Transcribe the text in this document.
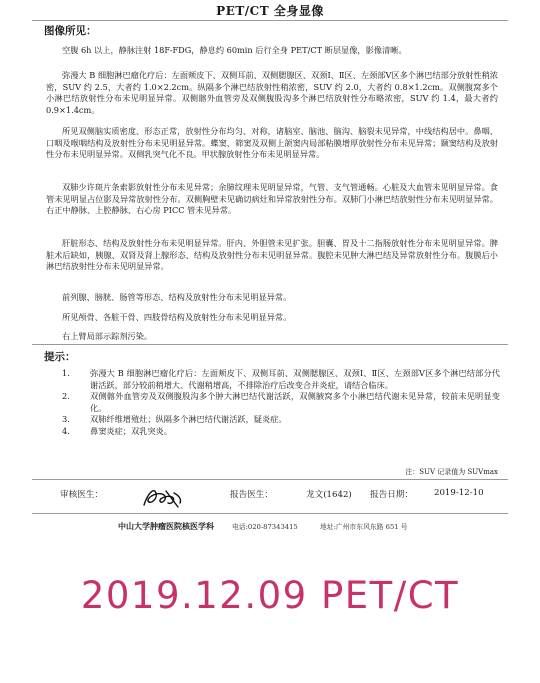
PET/CT 全身显像
图像所见：

空腹 6h 以上，静脉注射 18F-FDG，静息约 60min 后行全身 PET/CT 断层显像，影像清晰。

弥漫大 B 细胞淋巴瘤化疗后：左面颊皮下、双侧耳前、双侧腮腺区、双颈Ⅰ、Ⅱ区、左颈部Ⅴ区多个淋巴结部分放射性稍浓密，SUV 约 2.5，大者约 1.0×2.2cm。纵隔多个淋巴结放射性稍浓密，SUV 约 2.0，大者约 0.8×1.2cm。双侧腹窝多个小淋巴结放射性分布未见明显异常。双侧髂外血管旁及双侧腹股沟多个淋巴结放射性分布略浓密，SUV 约 1.4，最大者约 0.9×1.4cm。

所见双侧脑实质密度、形态正常，放射性分布均匀、对称，诸脑室、脑池、脑沟、脑裂未见异常，中线结构居中。鼻咽、口咽及喉咽结构及放射性分布未见明显异常。蝶窦、筛窦及双侧上颌窦内局部粘膜增厚放射性分布未见异常；颞窦结构及放射性分布未见明显异常。双侧乳突气化不良。甲状腺放射性分布未见明显异常。

双肺少许斑片条索影放射性分布未见异常；余肺纹理未见明显异常，气管、支气管通畅。心脏及大血管未见明显异常。食管未见明显占位影及异常放射性分布。双侧胸壁未见确切病灶和异常放射性分布。双肺门小淋巴结放射性分布未见明显异常。右正中静脉、上腔静脉、右心房 PICC 管未见异常。

肝脏形态、结构及放射性分布未见明显异常。肝内、外胆管未见扩张。胆囊、胃及十二指肠放射性分布未见明显异常。脾脏术后缺如，胰腺、双肾及肾上腺形态、结构及放射性分布未见明显异常。腹腔未见肿大淋巴结及异常放射性分布。腹膜后小淋巴结放射性分布未见明显异常。

前列腺、膀胱、肠管等形态、结构及放射性分布未见明显异常。

所见颅骨、各脏干骨、四肢骨结构及放射性分布未见明显异常。

右上臂局部示踪剂污染。

提示：
1. 弥漫大 B 细胞淋巴瘤化疗后：左面颊皮下、双侧耳前、双侧腮腺区、双颈Ⅰ、Ⅱ区、左颈部Ⅴ区多个淋巴结部分代谢活跃，部分较前稍增大、代谢稍增高，不排除治疗后改变合并炎症，请结合临床。
2. 双侧髂外血管旁及双侧腹股沟多个肿大淋巴结代谢活跃，双侧腋窝多个小淋巴结代谢未见异常，较前未见明显变化。
3. 双肺纤维增殖灶；纵隔多个淋巴结代谢活跃，疑炎症。
4. 鼻窦炎症；双乳突炎。
注：SUV 记录值为 SUVmax
审核医生：	报告医生：	龙文(1642) 报告日期： 2019-12-10
中山大学肿瘤医院核医学科	电话:020-87343415	地址:广州市东风东路 651 号
2019.12.09 PET/CT
